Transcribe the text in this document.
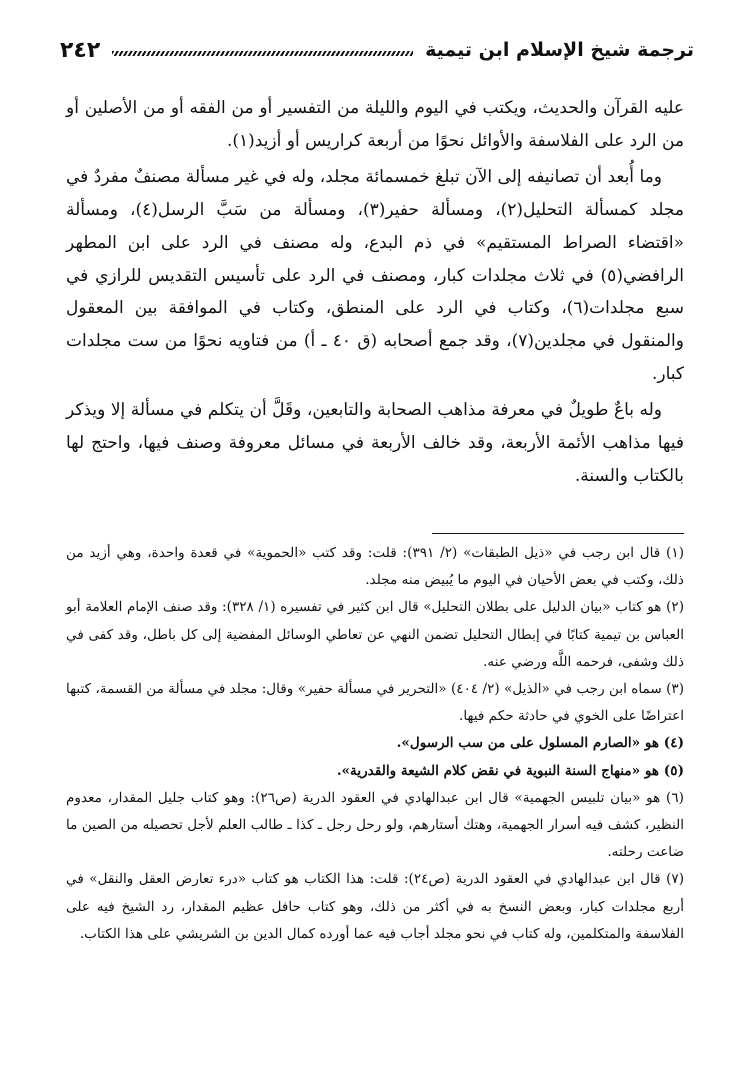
ترجمة شيخ الإسلام ابن تيمية
٢٤٢

عليه القرآن والحديث، ويكتب في اليوم والليلة من التفسير أو من الفقه أو من الأصلين أو من الرد على الفلاسفة والأوائل نحوًا من أربعة كراريس أو أزيد(١).

وما أُبعد أن تصانيفه إلى الآن تبلغ خمسمائة مجلد، وله في غير مسألة مصنفٌ مفردٌ في مجلد كمسألة التحليل(٢)، ومسألة حفير(٣)، ومسألة من سَبَّ الرسل(٤)، ومسألة «اقتضاء الصراط المستقيم» في ذم البدع، وله مصنف في الرد على ابن المطهر الرافضي(٥) في ثلاث مجلدات كبار، ومصنف في الرد على تأسيس التقديس للرازي في سبع مجلدات(٦)، وكتاب في الرد على المنطق، وكتاب في الموافقة بين المعقول والمنقول في مجلدين(٧)، وقد جمع أصحابه (ق ٤٠ ـ أ) من فتاويه نحوًا من ست مجلدات كبار.

وله باعٌ طويلٌ في معرفة مذاهب الصحابة والتابعين، وقَلَّ أن يتكلم في مسألة إلا ويذكر فيها مذاهب الأئمة الأربعة، وقد خالف الأربعة في مسائل معروفة وصنف فيها، واحتج لها بالكتاب والسنة.

(١) قال ابن رجب في «ذيل الطبقات» (٢/ ٣٩١): قلت: وقد كتب «الحموية» في قعدة واحدة، وهي أزيد من ذلك، وكتب في بعض الأحيان في اليوم ما يُبيض منه مجلد.

(٢) هو كتاب «بيان الدليل على بطلان التحليل» قال ابن كثير في تفسيره (١/ ٣٢٨): وقد صنف الإمام العلامة أبو العباس بن تيمية كتابًا في إبطال التحليل تضمن النهي عن تعاطي الوسائل المفضية إلى كل باطل، وقد كفى في ذلك وشفى، فرحمه اللَّه ورضي عنه.

(٣) سماه ابن رجب في «الذيل» (٢/ ٤٠٤) «التحرير في مسألة حفير» وقال: مجلد في مسألة من القسمة، كتبها اعتراضًا على الخوي في حادثة حكم فيها.

(٤) هو «الصارم المسلول على من سب الرسول».

(٥) هو «منهاج السنة النبوية في نقض كلام الشيعة والقدرية».

(٦) هو «بيان تلبيس الجهمية» قال ابن عبدالهادي في العقود الدرية (ص٢٦): وهو كتاب جليل المقدار، معدوم النظير، كشف فيه أسرار الجهمية، وهتك أستارهم، ولو رحل رجل ـ كذا ـ طالب العلم لأجل تحصيله من الصين ما ضاعت رحلته.

(٧) قال ابن عبدالهادي في العقود الدرية (ص٢٤): قلت: هذا الكتاب هو كتاب «درء تعارض العقل والنقل» في أربع مجلدات كبار، وبعض النسخ به في أكثر من ذلك، وهو كتاب حافل عظيم المقدار، رد الشيخ فيه على الفلاسفة والمتكلمين، وله كتاب في نحو مجلد أجاب فيه عما أورده كمال الدين بن الشريشي على هذا الكتاب.
